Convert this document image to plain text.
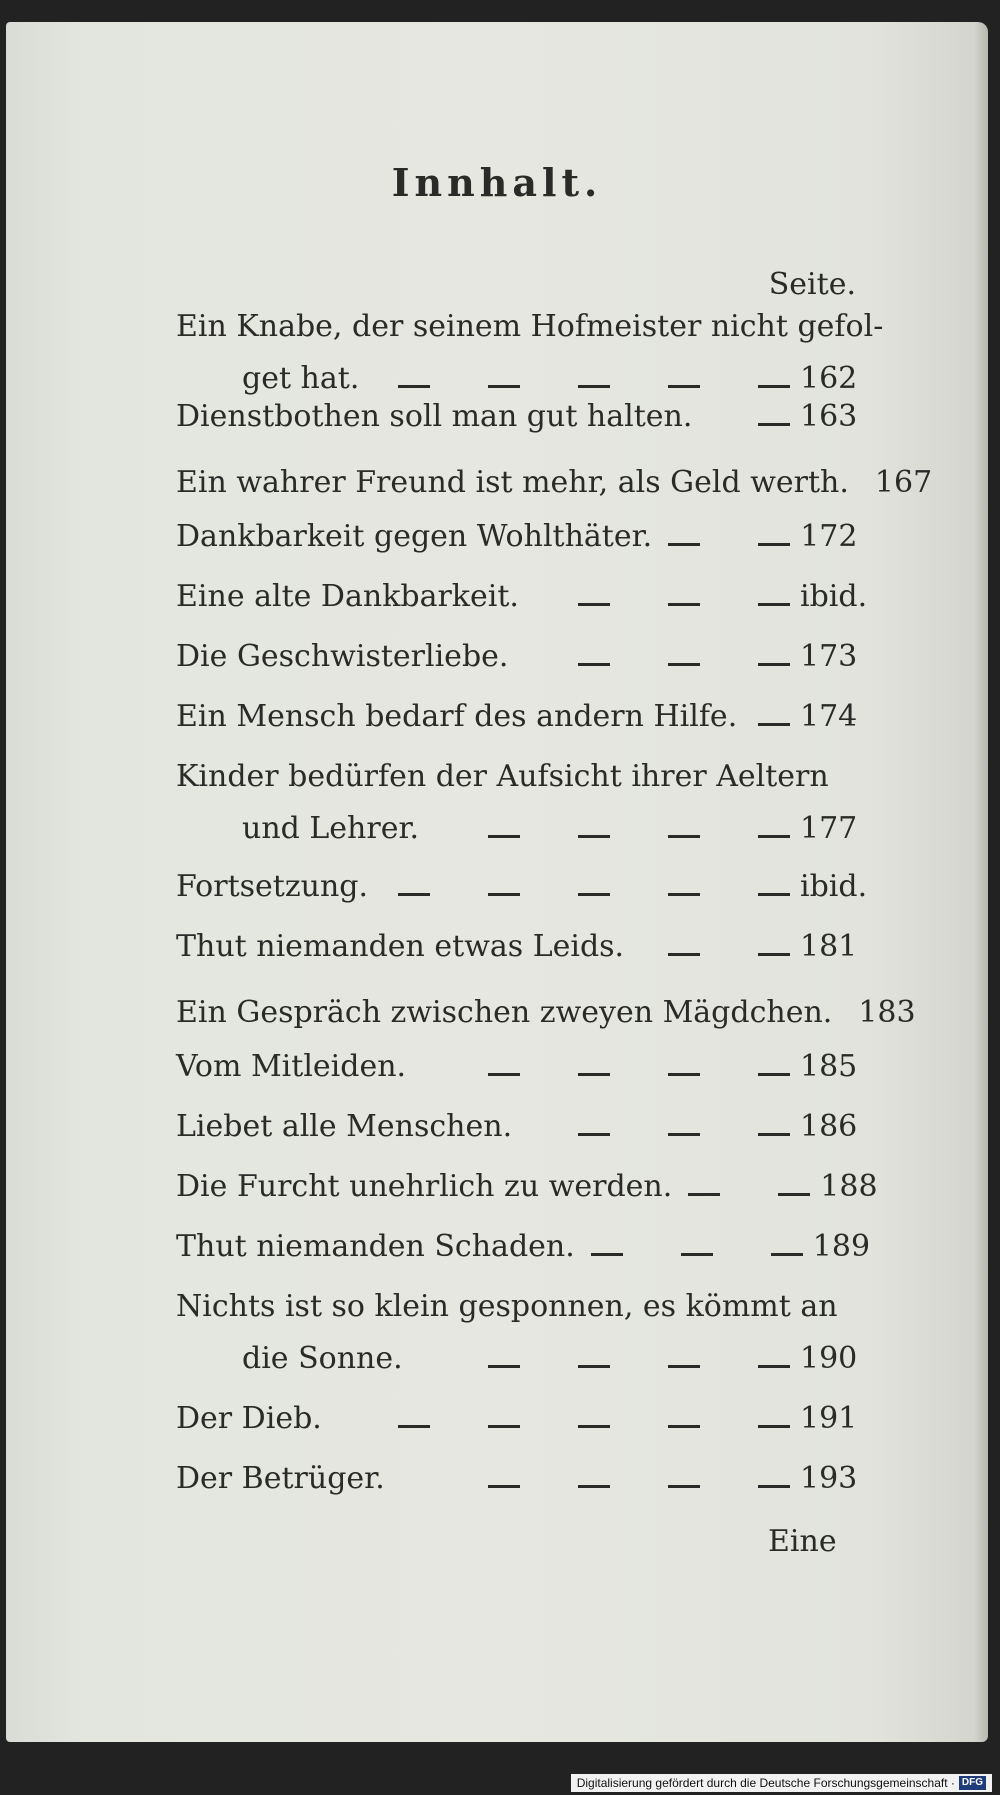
Innhalt.
Seite.
Ein Knabe, der seinem Hofmeister nicht gefol-
get hat.	162
Dienstbothen soll man gut halten.	163
Ein wahrer Freund ist mehr, als Geld werth. 167
Dankbarkeit gegen Wohlthäter.	172
Eine alte Dankbarkeit.	ibid.
Die Geschwisterliebe.	173
Ein Mensch bedarf des andern Hilfe. 174
Kinder bedürfen der Aufsicht ihrer Aeltern
und Lehrer.	177
Fortsetzung.	ibid.
Thut niemanden etwas Leids.	181
Ein Gespräch zwischen zweyen Mägdchen. 183
Vom Mitleiden.	185
Liebet alle Menschen.	186
Die Furcht unehrlich zu werden.	188
Thut niemanden Schaden.	189
Nichts ist so klein gesponnen, es kömmt an
die Sonne.	190
Der Dieb.	191
Der Betrüger.	193
Eine
Digitalisierung gefördert durch die Deutsche Forschungsgemeinschaft · DFG
